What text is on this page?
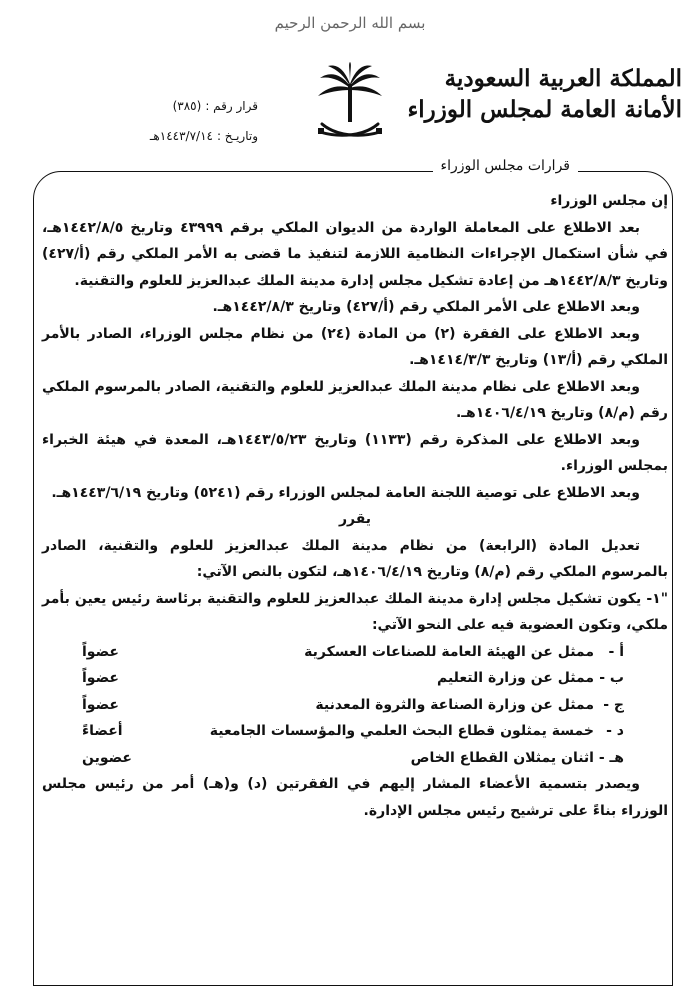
بسم الله الرحمن الرحيم
المملكة العربية السعودية
الأمانة العامة لمجلس الوزراء
قرار رقم :
(٣٨٥)
وتاريـخ :
١٤٤٣/٧/١٤هـ
قرارات مجلس الوزراء

إن مجلس الوزراء

بعد الاطلاع على المعاملة الواردة من الديوان الملكي برقم ٤٣٩٩٩ وتاريخ ١٤٤٢/٨/٥هـ، في شأن استكمال الإجراءات النظامية اللازمة لتنفيذ ما قضى به الأمر الملكي رقم (أ/٤٢٧) وتاريخ ١٤٤٢/٨/٣هـ من إعادة تشكيل مجلس إدارة مدينة الملك عبدالعزيز للعلوم والتقنية.

وبعد الاطلاع على الأمر الملكي رقم (أ/٤٢٧) وتاريخ ١٤٤٢/٨/٣هـ.

وبعد الاطلاع على الفقرة (٢) من المادة (٢٤) من نظام مجلس الوزراء، الصادر بالأمر الملكي رقم (أ/١٣) وتاريخ ١٤١٤/٣/٣هـ.

وبعد الاطلاع على نظام مدينة الملك عبدالعزيز للعلوم والتقنية، الصادر بالمرسوم الملكي رقم (م/٨) وتاريخ ١٤٠٦/٤/١٩هـ.

وبعد الاطلاع على المذكرة رقم (١١٣٣) وتاريخ ١٤٤٣/٥/٢٣هـ، المعدة في هيئة الخبراء بمجلس الوزراء.

وبعد الاطلاع على توصية اللجنة العامة لمجلس الوزراء رقم (٥٢٤١) وتاريخ ١٤٤٣/٦/١٩هـ.

يقرر

تعديل المادة (الرابعة) من نظام مدينة الملك عبدالعزيز للعلوم والتقنية، الصادر بالمرسوم الملكي رقم (م/٨) وتاريخ ١٤٠٦/٤/١٩هـ، لتكون بالنص الآتي:

"١- يكون تشكيل مجلس إدارة مدينة الملك عبدالعزيز للعلوم والتقنية برئاسة رئيس يعين بأمر ملكي، وتكون العضوية فيه على النحو الآتي:

أ -
ممثل عن الهيئة العامة للصناعات العسكرية
عضواً
ب -
ممثل عن وزارة التعليم
عضواً
ج -
ممثل عن وزارة الصناعة والثروة المعدنية
عضواً
د -
خمسة يمثلون قطاع البحث العلمي والمؤسسات الجامعية
أعضاءً
هـ -
اثنان يمثلان القطاع الخاص
عضوين

ويصدر بتسمية الأعضاء المشار إليهم في الفقرتين (د) و(هـ) أمر من رئيس مجلس الوزراء بناءً على ترشيح رئيس مجلس الإدارة.
